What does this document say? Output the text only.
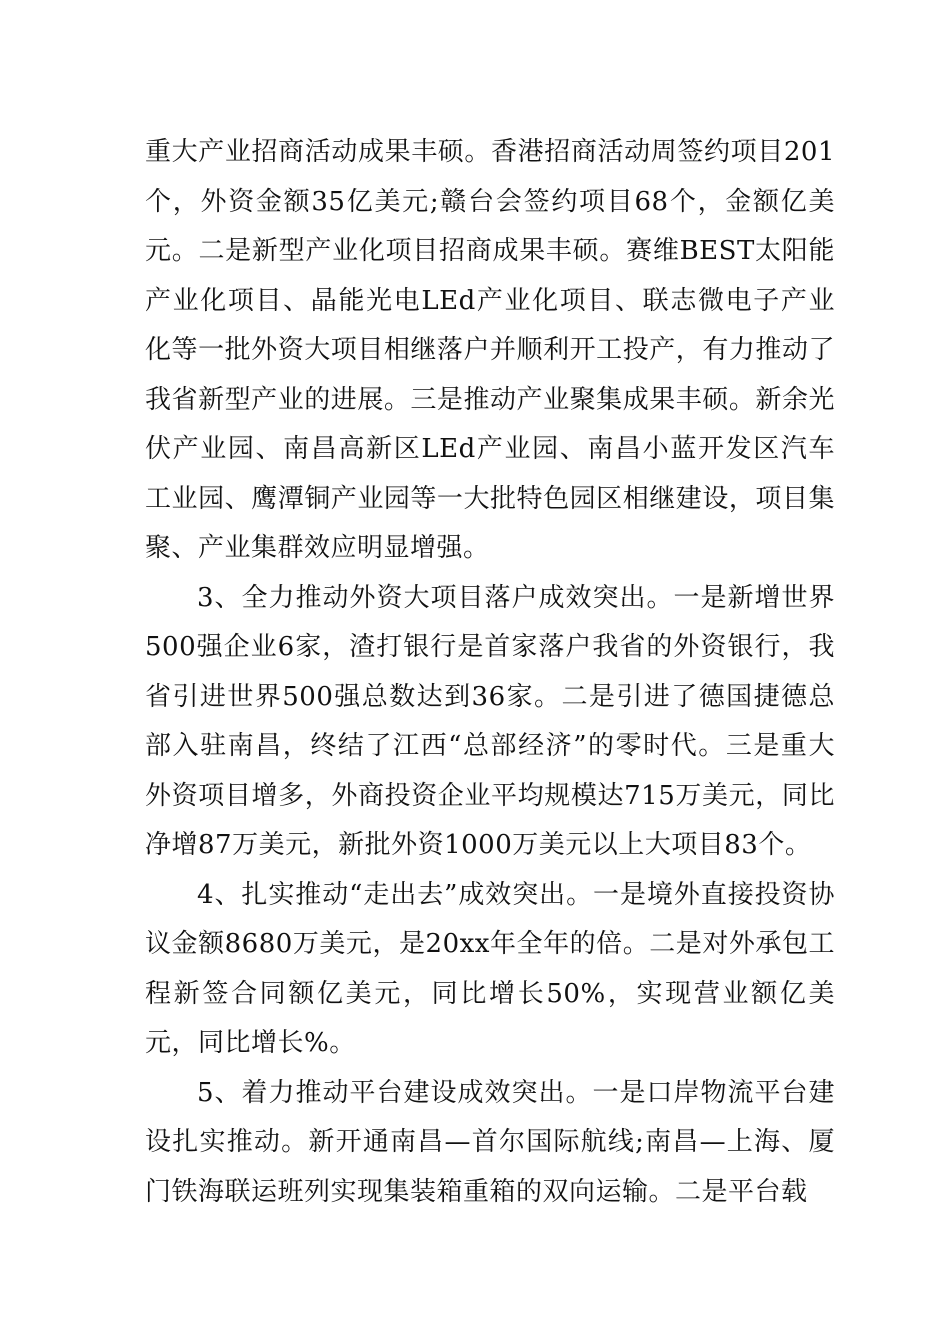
重大产业招商活动成果丰硕。香港招商活动周签约项目201个，外资金额35亿美元;赣台会签约项目68个，金额亿美元。二是新型产业化项目招商成果丰硕。赛维BEST太阳能产业化项目、晶能光电LEd产业化项目、联志微电子产业化等一批外资大项目相继落户并顺利开工投产，有力推动了我省新型产业的进展。三是推动产业聚集成果丰硕。新余光伏产业园、南昌高新区LEd产业园、南昌小蓝开发区汽车工业园、鹰潭铜产业园等一大批特色园区相继建设，项目集聚、产业集群效应明显增强。

3、全力推动外资大项目落户成效突出。一是新增世界500强企业6家，渣打银行是首家落户我省的外资银行，我省引进世界500强总数达到36家。二是引进了德国捷德总部入驻南昌，终结了江西“总部经济”的零时代。三是重大外资项目增多，外商投资企业平均规模达715万美元，同比净增87万美元，新批外资1000万美元以上大项目83个。

4、扎实推动“走出去”成效突出。一是境外直接投资协议金额8680万美元，是20xx年全年的倍。二是对外承包工程新签合同额亿美元，同比增长50%，实现营业额亿美元，同比增长%。

5、着力推动平台建设成效突出。一是口岸物流平台建设扎实推动。新开通南昌—首尔国际航线;南昌—上海、厦门铁海联运班列实现集装箱重箱的双向运输。二是平台载
